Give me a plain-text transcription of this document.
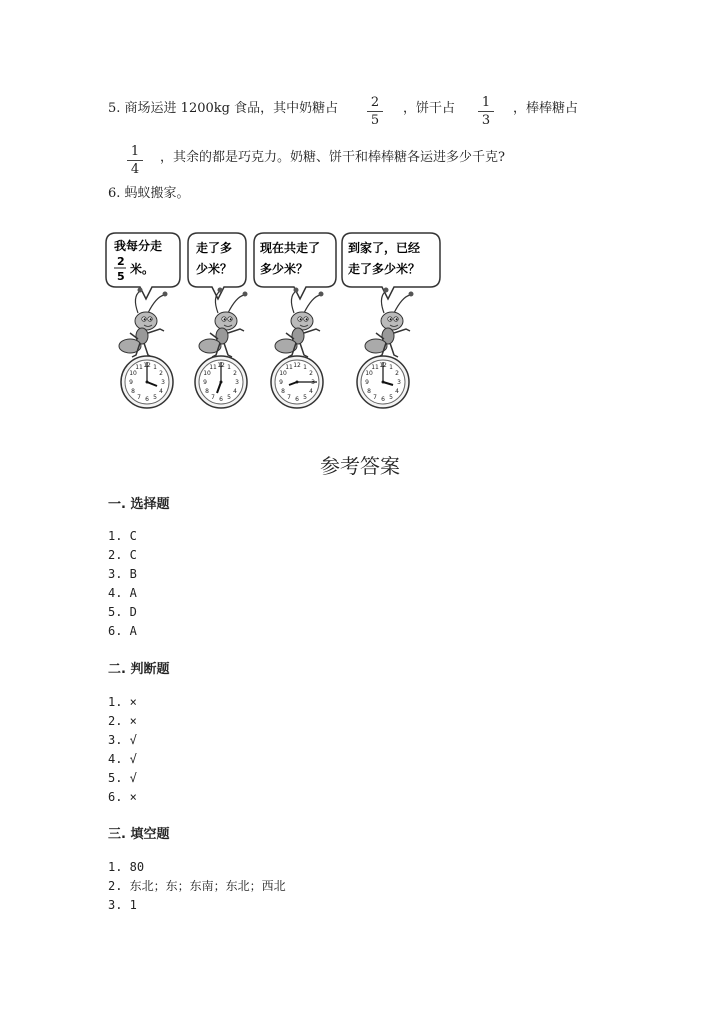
5. 商场运进 1200kg 食品，其中奶糖占	2
5
，饼干占	1
3
，棒棒糖占
1
4
，其余的都是巧克力。奶糖、饼干和棒棒糖各运进多少千克?
6. 蚂蚁搬家。
我每分走
2
5
米。
走了多
少米？
现在共走了
多少米？
到家了，已经
走了多少米？
12
3
6
9
1
2
7
8
10
11
参考答案
一. 选择题
1. C
2. C
3. B
4. A
5. D
6. A
二. 判断题
1. ×
2. ×
3. √
4. √
5. √
6. ×
三. 填空题
1. 80
2. 东北；东；东南；东北；西北
3. 1
